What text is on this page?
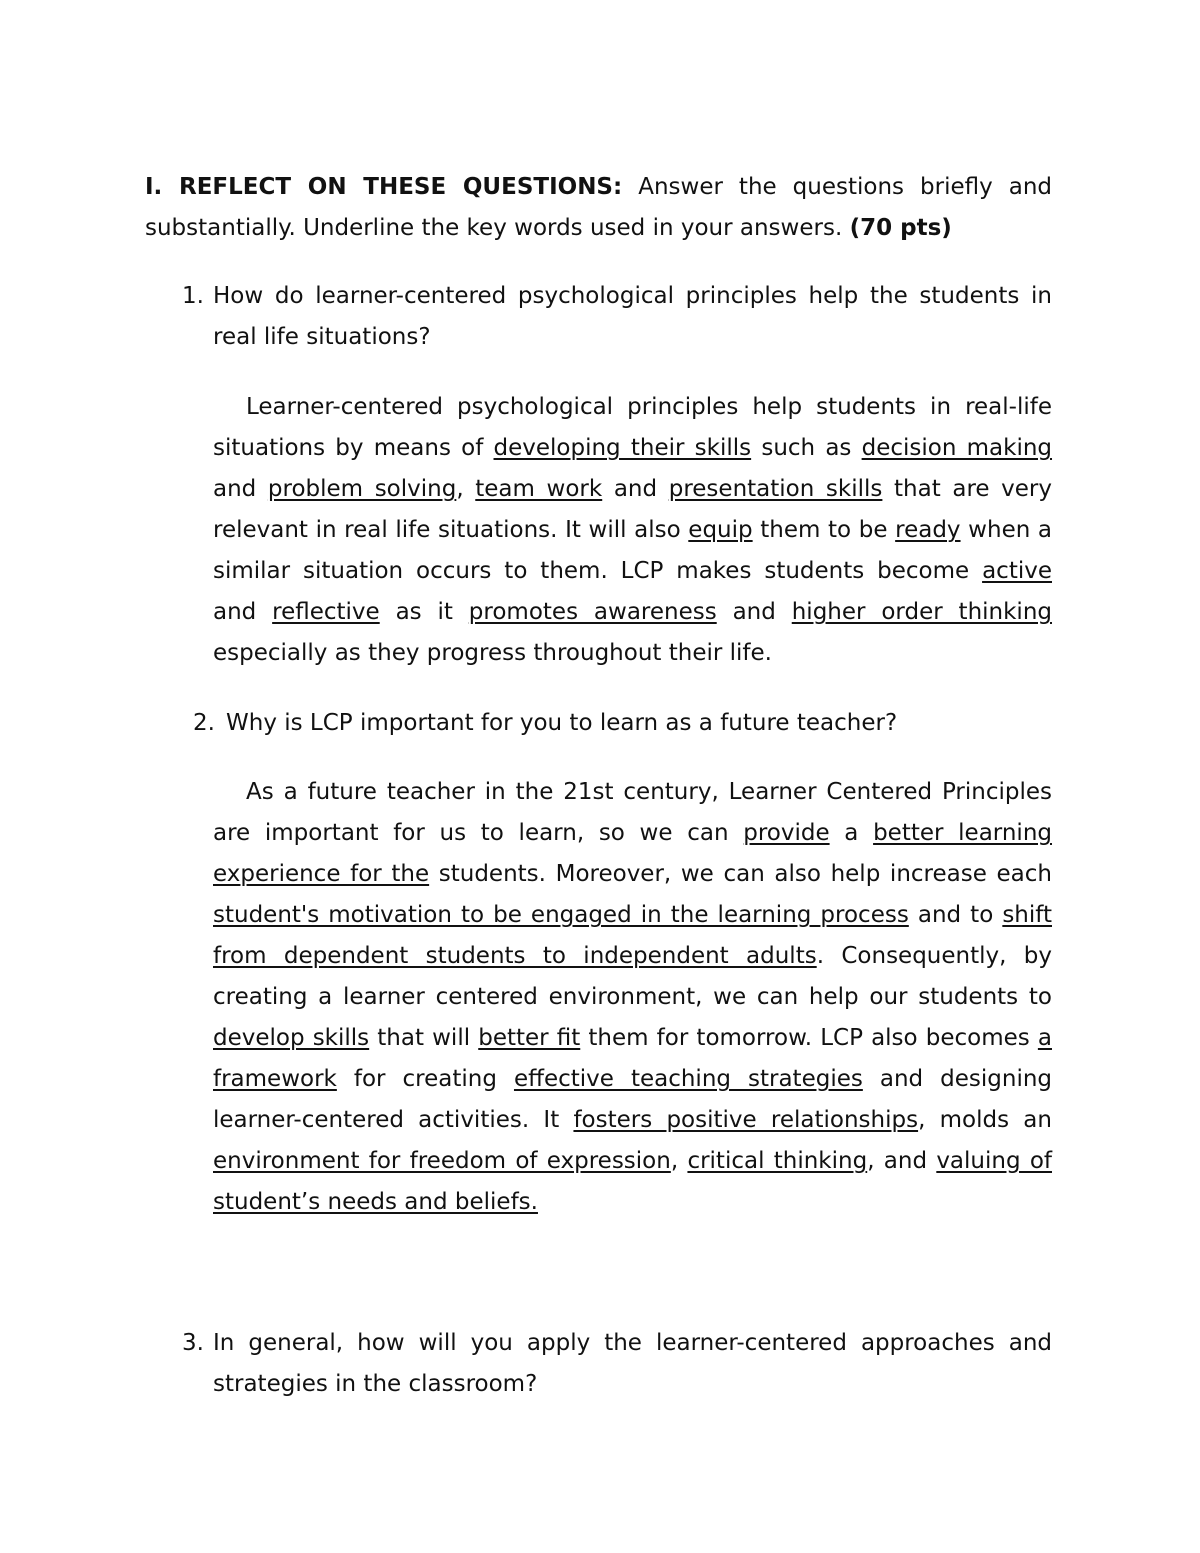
I. REFLECT ON THESE QUESTIONS: Answer the questions briefly and substantially. Underline the key words used in your answers. (70 pts)
1. How do learner-centered psychological principles help the students in real life situations?
Learner-centered psychological principles help students in real-life situations by means of developing their skills such as decision making and problem solving, team work and presentation skills that are very relevant in real life situations. It will also equip them to be ready when a similar situation occurs to them. LCP makes students become active and reflective as it promotes awareness and higher order thinking especially as they progress throughout their life.
2. Why is LCP important for you to learn as a future teacher?
As a future teacher in the 21st century, Learner Centered Principles are important for us to learn, so we can provide a better learning experience for the students. Moreover, we can also help increase each student's motivation to be engaged in the learning process and to shift from dependent students to independent adults. Consequently, by creating a learner centered environment, we can help our students to develop skills that will better fit them for tomorrow. LCP also becomes a framework for creating effective teaching strategies and designing learner-centered activities. It fosters positive relationships, molds an environment for freedom of expression, critical thinking, and valuing of student’s needs and beliefs.
3. In general, how will you apply the learner-centered approaches and strategies in the classroom?
